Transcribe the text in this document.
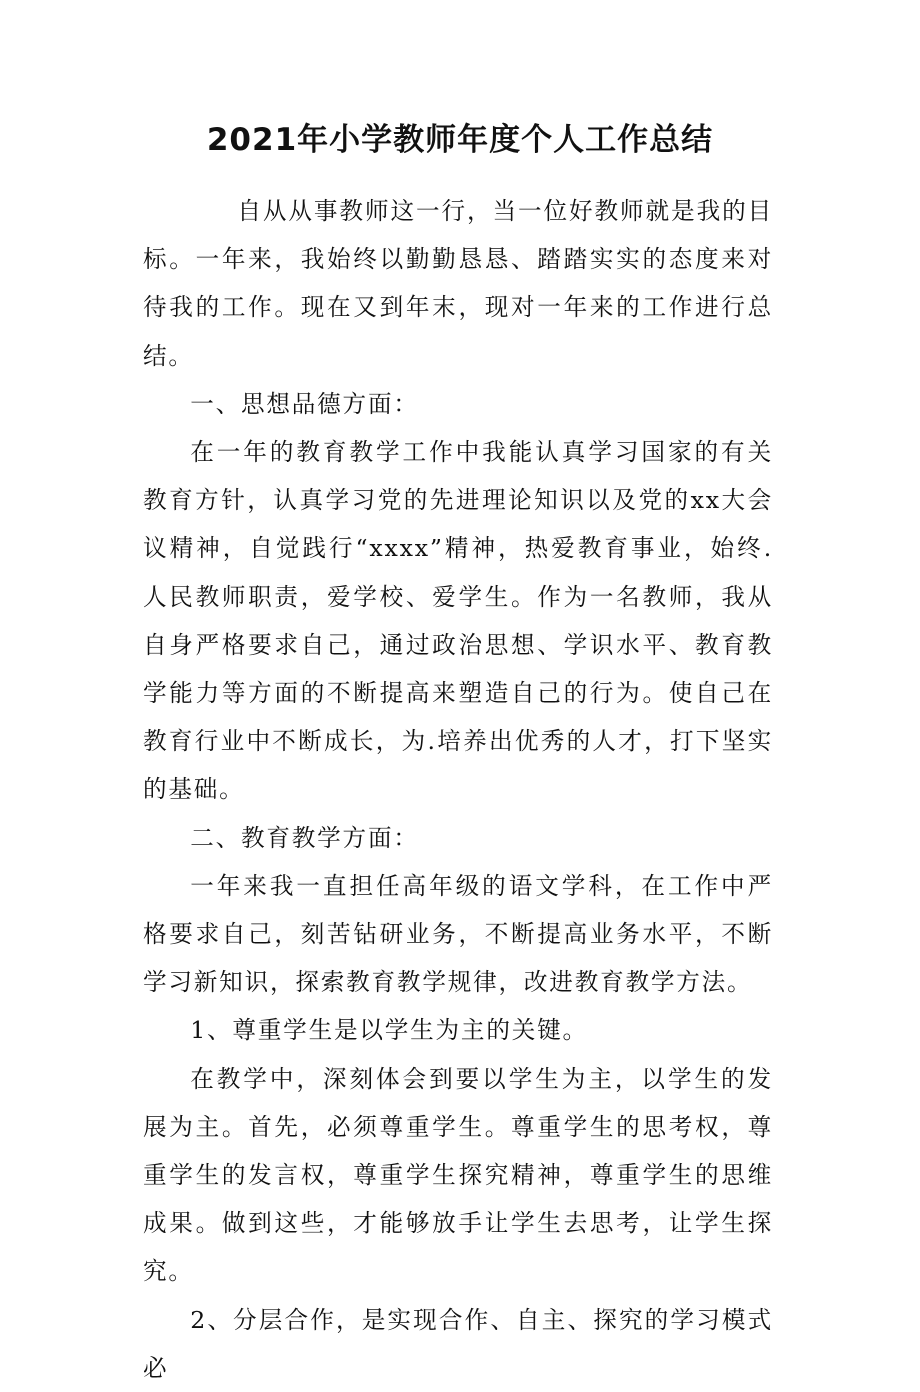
2021年小学教师年度个人工作总结

自从从事教师这一行，当一位好教师就是我的目标。一年来，我始终以勤勤恳恳、踏踏实实的态度来对待我的工作。现在又到年末，现对一年来的工作进行总结。

一、思想品德方面：

在一年的教育教学工作中我能认真学习国家的有关教育方针，认真学习党的先进理论知识以及党的xx大会议精神，自觉践行“xxxx”精神，热爱教育事业，始终.人民教师职责，爱学校、爱学生。作为一名教师，我从自身严格要求自己，通过政治思想、学识水平、教育教学能力等方面的不断提高来塑造自己的行为。使自己在教育行业中不断成长，为.培养出优秀的人才，打下坚实的基础。

二、教育教学方面：

一年来我一直担任高年级的语文学科，在工作中严格要求自己，刻苦钻研业务，不断提高业务水平，不断学习新知识，探索教育教学规律，改进教育教学方法。

1、尊重学生是以学生为主的关键。

在教学中，深刻体会到要以学生为主，以学生的发展为主。首先，必须尊重学生。尊重学生的思考权，尊重学生的发言权，尊重学生探究精神，尊重学生的思维成果。做到这些，才能够放手让学生去思考，让学生探究。

2、分层合作，是实现合作、自主、探究的学习模式必
